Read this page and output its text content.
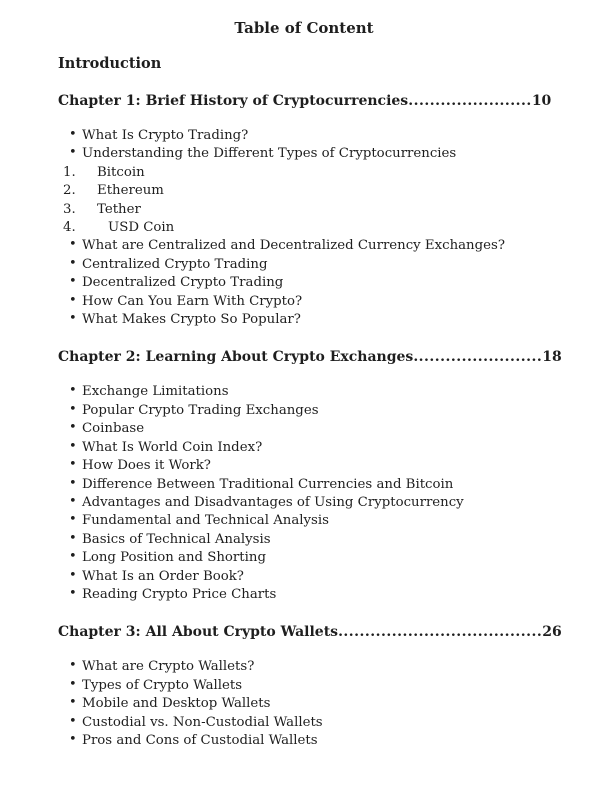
Table of Content
Introduction
Chapter 1: Brief History of Cryptocurrencies.......................10
•
What Is Crypto Trading?
•
Understanding the Different Types of Cryptocurrencies
1. Bitcoin
2. Ethereum
3. Tether
4. USD Coin
•
What are Centralized and Decentralized Currency Exchanges?
•
Centralized Crypto Trading
•
Decentralized Crypto Trading
•
How Can You Earn With Crypto?
•
What Makes Crypto So Popular?
Chapter 2: Learning About Crypto Exchanges........................18
•
Exchange Limitations
•
Popular Crypto Trading Exchanges
•
Coinbase
•
What Is World Coin Index?
•
How Does it Work?
•
Difference Between Traditional Currencies and Bitcoin
•
Advantages and Disadvantages of Using Cryptocurrency
•
Fundamental and Technical Analysis
•
Basics of Technical Analysis
•
Long Position and Shorting
•
What Is an Order Book?
•
Reading Crypto Price Charts
Chapter 3: All About Crypto Wallets......................................26
•
What are Crypto Wallets?
•
Types of Crypto Wallets
•
Mobile and Desktop Wallets
•
Custodial vs. Non-Custodial Wallets
•
Pros and Cons of Custodial Wallets
